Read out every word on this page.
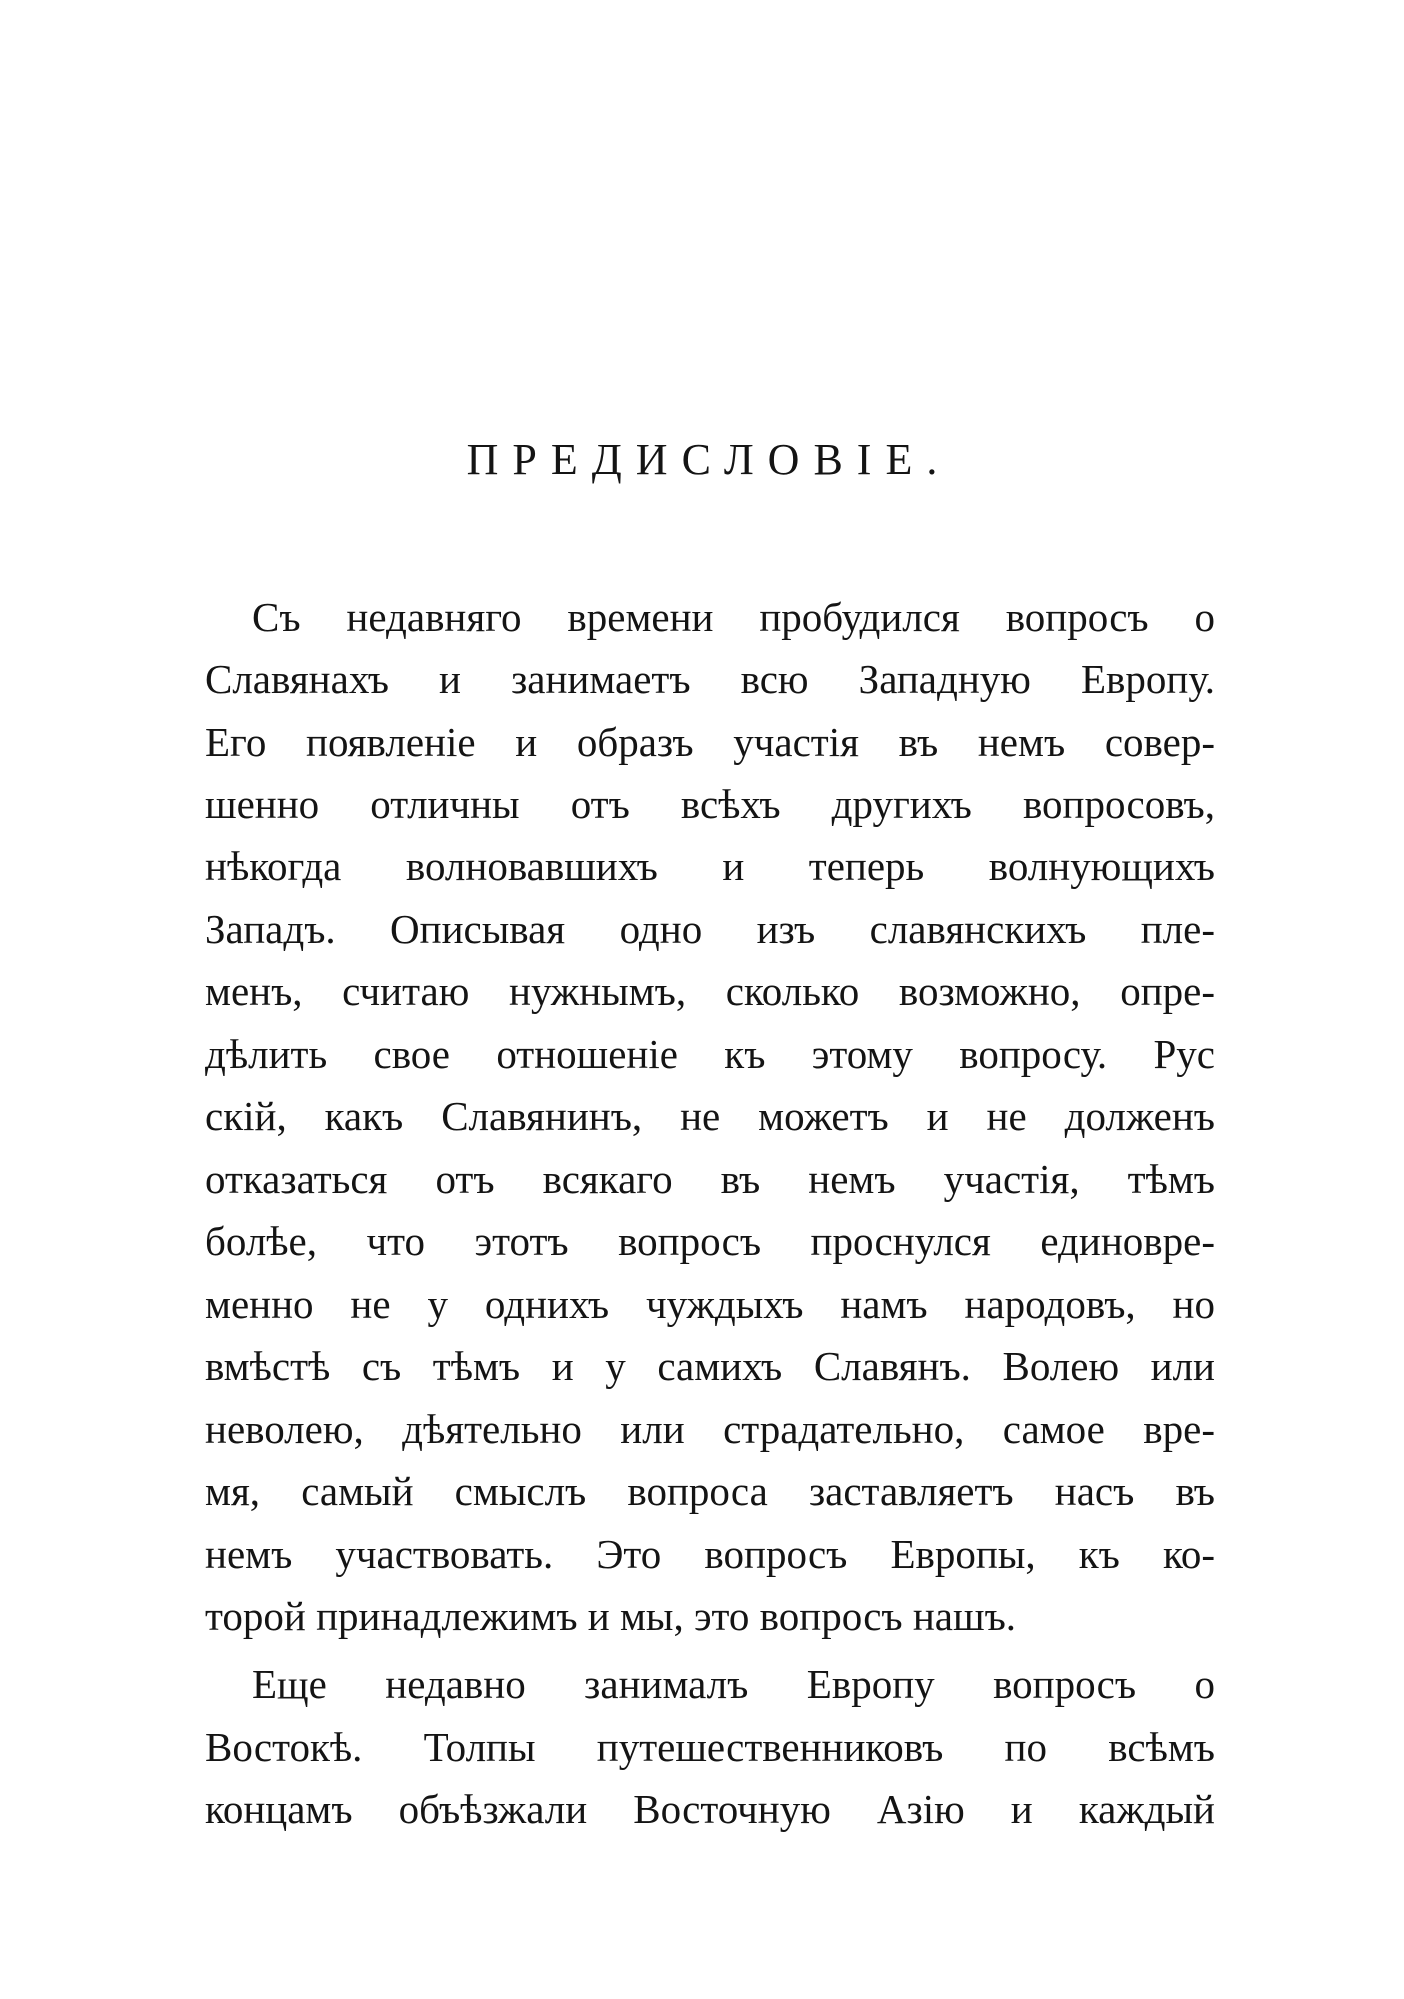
ПРЕДИСЛОВІЕ.
Съ недавняго времени пробудился вопросъ о
Славянахъ и занимаетъ всю Западную Европу.
Его появленіе и образъ участія въ немъ совер-
шенно отличны отъ всѣхъ другихъ вопросовъ,
нѣкогда волновавшихъ и теперь волнующихъ
Западъ. Описывая одно изъ славянскихъ пле-
менъ, считаю нужнымъ, сколько возможно, опре-
дѣлить свое отношеніе къ этому вопросу. Рус
скій, какъ Славянинъ, не можетъ и не долженъ
отказаться отъ всякаго въ немъ участія, тѣмъ
болѣе, что этотъ вопросъ проснулся единовре-
менно не у однихъ чуждыхъ намъ народовъ, но
вмѣстѣ съ тѣмъ и у самихъ Славянъ. Волею или
неволею, дѣятельно или страдательно, самое вре-
мя, самый смыслъ вопроса заставляетъ насъ въ
немъ участвовать. Это вопросъ Европы, къ ко-
торой принадлежимъ и мы, это вопросъ нашъ.
Еще недавно занималъ Европу вопросъ о
Востокѣ. Толпы путешественниковъ по всѣмъ
концамъ объѣзжали Восточную Азію и каждый
